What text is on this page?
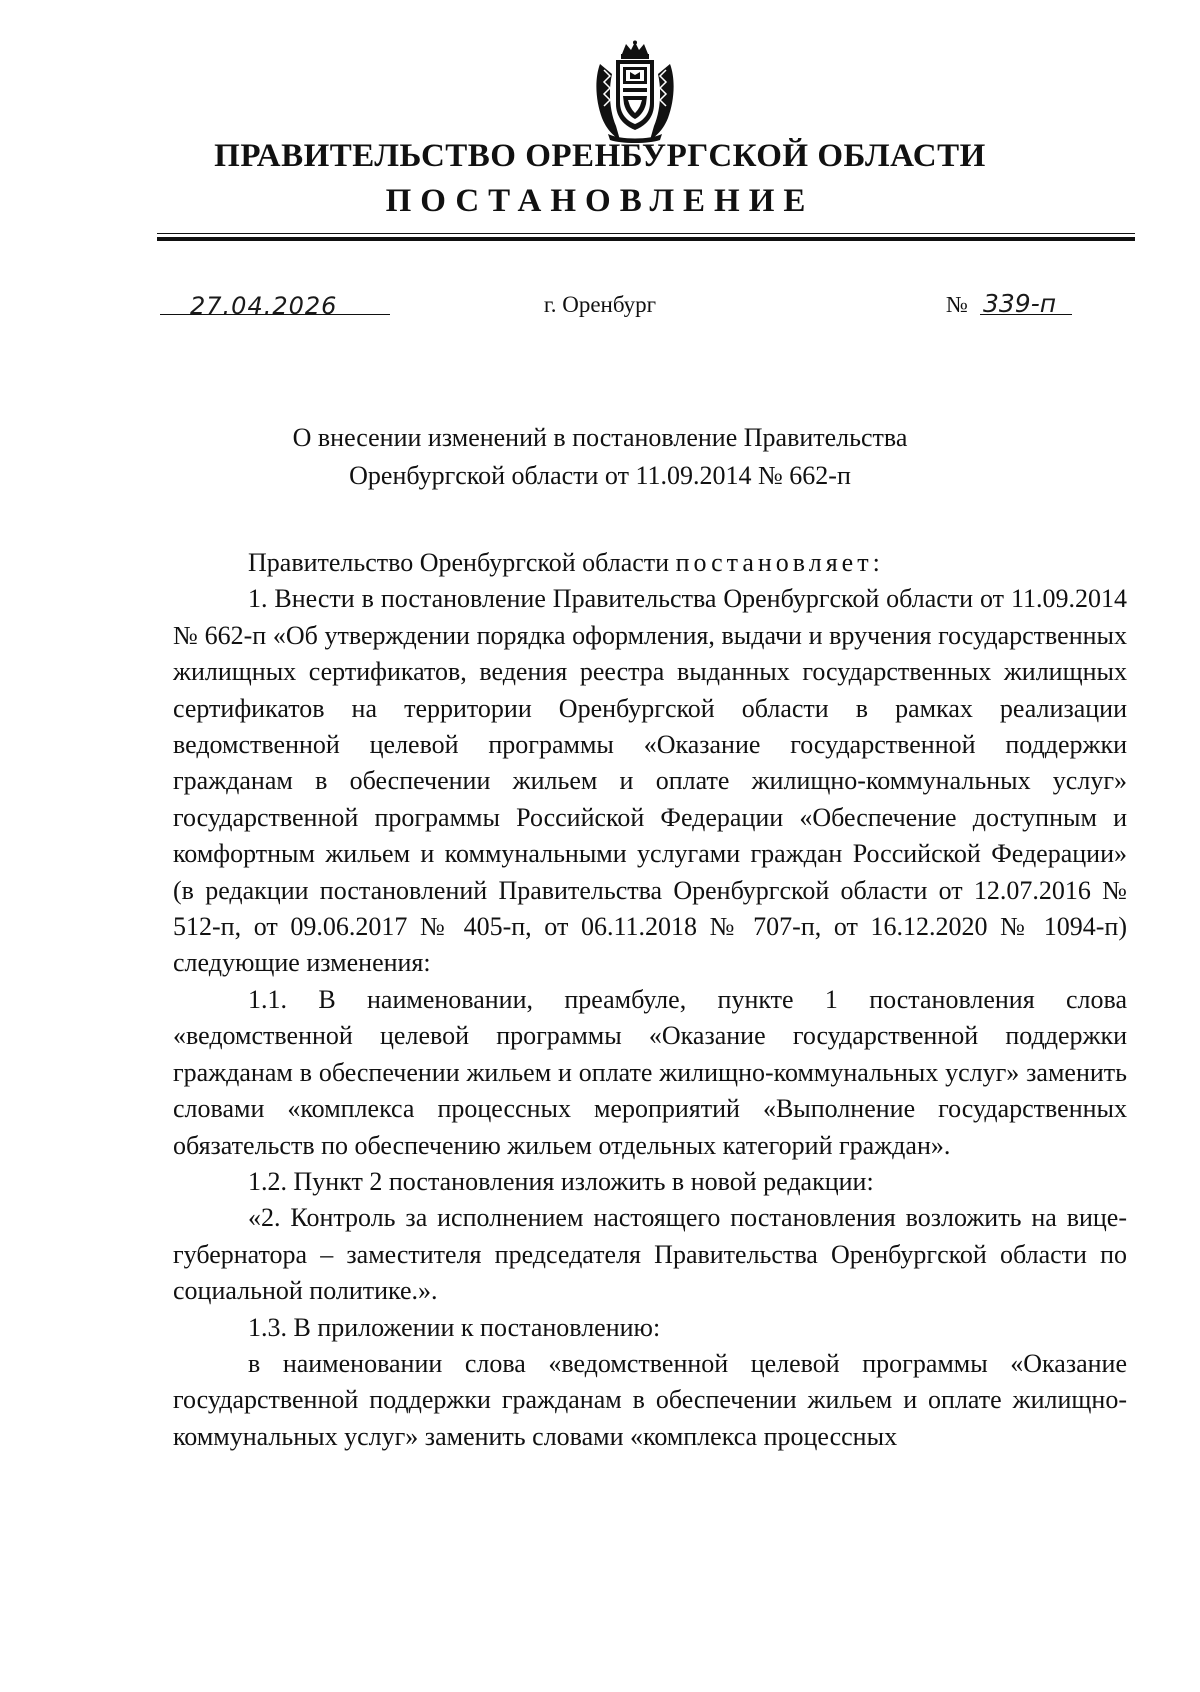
ПРАВИТЕЛЬСТВО ОРЕНБУРГСКОЙ ОБЛАСТИ
ПОСТАНОВЛЕНИЕ
27.04.2026	г. Оренбург	№ 339-п
О внесении изменений в постановление Правительства
Оренбургской области от 11.09.2014 № 662-п

Правительство Оренбургской области постановляет:

1. Внести в постановление Правительства Оренбургской области от 11.09.2014 № 662-п «Об утверждении порядка оформления, выдачи и вручения государственных жилищных сертификатов, ведения реестра выданных государственных жилищных сертификатов на территории Оренбургской области в рамках реализации ведомственной целевой программы «Оказание государственной поддержки гражданам в обеспечении жильем и оплате жилищно-коммунальных услуг» государственной программы Российской Федерации «Обеспечение доступным и комфортным жильем и коммунальными услугами граждан Российской Федерации» (в редакции постановлений Правительства Оренбургской области от 12.07.2016 № 512-п, от 09.06.2017 № 405-п, от 06.11.2018 № 707-п, от 16.12.2020 № 1094-п) следующие изменения:

1.1. В наименовании, преамбуле, пункте 1 постановления слова «ведомственной целевой программы «Оказание государственной поддержки гражданам в обеспечении жильем и оплате жилищно-коммунальных услуг» заменить словами «комплекса процессных мероприятий «Выполнение государственных обязательств по обеспечению жильем отдельных категорий граждан».

1.2. Пункт 2 постановления изложить в новой редакции:

«2. Контроль за исполнением настоящего постановления возложить на вице-губернатора – заместителя председателя Правительства Оренбургской области по социальной политике.».

1.3. В приложении к постановлению:

в наименовании слова «ведомственной целевой программы «Оказание государственной поддержки гражданам в обеспечении жильем и оплате жилищно-коммунальных услуг» заменить словами «комплекса процессных
